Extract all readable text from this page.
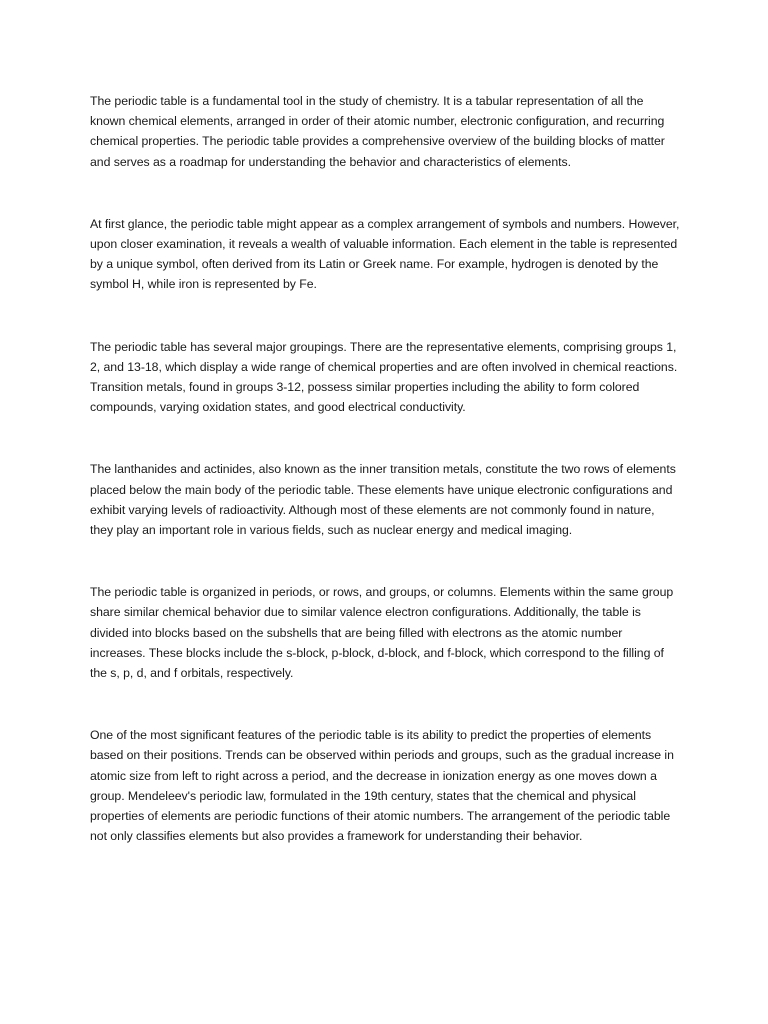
The periodic table is a fundamental tool in the study of chemistry. It is a tabular representation of all the known chemical elements, arranged in order of their atomic number, electronic configuration, and recurring chemical properties. The periodic table provides a comprehensive overview of the building blocks of matter and serves as a roadmap for understanding the behavior and characteristics of elements.

At first glance, the periodic table might appear as a complex arrangement of symbols and numbers. However, upon closer examination, it reveals a wealth of valuable information. Each element in the table is represented by a unique symbol, often derived from its Latin or Greek name. For example, hydrogen is denoted by the symbol H, while iron is represented by Fe.

The periodic table has several major groupings. There are the representative elements, comprising groups 1, 2, and 13-18, which display a wide range of chemical properties and are often involved in chemical reactions. Transition metals, found in groups 3-12, possess similar properties including the ability to form colored compounds, varying oxidation states, and good electrical conductivity.

The lanthanides and actinides, also known as the inner transition metals, constitute the two rows of elements placed below the main body of the periodic table. These elements have unique electronic configurations and exhibit varying levels of radioactivity. Although most of these elements are not commonly found in nature, they play an important role in various fields, such as nuclear energy and medical imaging.

The periodic table is organized in periods, or rows, and groups, or columns. Elements within the same group share similar chemical behavior due to similar valence electron configurations. Additionally, the table is divided into blocks based on the subshells that are being filled with electrons as the atomic number increases. These blocks include the s-block, p-block, d-block, and f-block, which correspond to the filling of the s, p, d, and f orbitals, respectively.

One of the most significant features of the periodic table is its ability to predict the properties of elements based on their positions. Trends can be observed within periods and groups, such as the gradual increase in atomic size from left to right across a period, and the decrease in ionization energy as one moves down a group. Mendeleev's periodic law, formulated in the 19th century, states that the chemical and physical properties of elements are periodic functions of their atomic numbers. The arrangement of the periodic table not only classifies elements but also provides a framework for understanding their behavior.
